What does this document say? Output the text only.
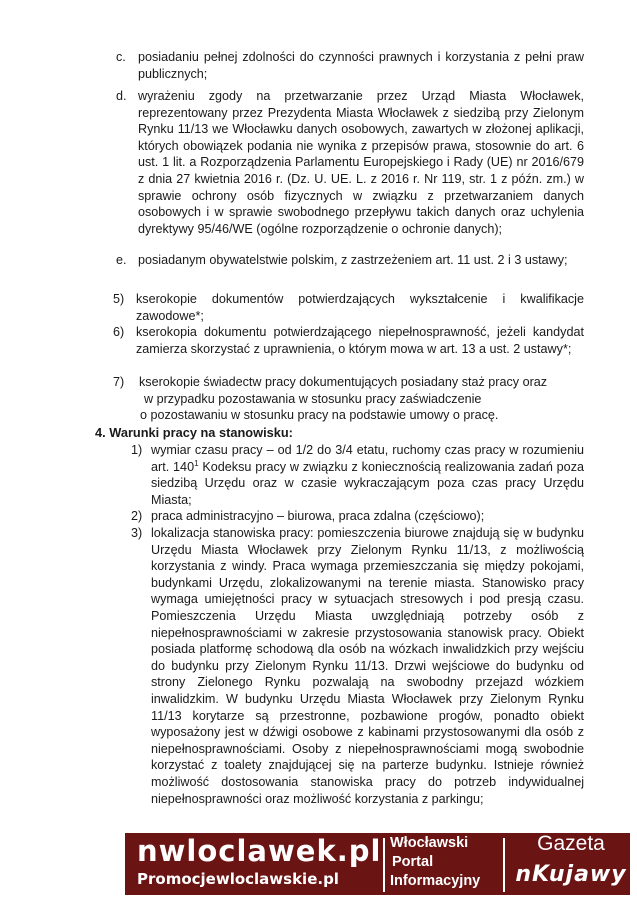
c. posiadaniu pełnej zdolności do czynności prawnych i korzystania z pełni praw publicznych;
d. wyrażeniu zgody na przetwarzanie przez Urząd Miasta Włocławek, reprezentowany przez Prezydenta Miasta Włocławek z siedzibą przy Zielonym Rynku 11/13 we Włocławku danych osobowych, zawartych w złożonej aplikacji, których obowiązek podania nie wynika z przepisów prawa, stosownie do art. 6 ust. 1 lit. a Rozporządzenia Parlamentu Europejskiego i Rady (UE) nr 2016/679 z dnia 27 kwietnia 2016 r. (Dz. U. UE. L. z 2016 r. Nr 119, str. 1 z późn. zm.) w sprawie ochrony osób fizycznych w związku z przetwarzaniem danych osobowych i w sprawie swobodnego przepływu takich danych oraz uchylenia dyrektywy 95/46/WE (ogólne rozporządzenie o ochronie danych);
e. posiadanym obywatelstwie polskim, z zastrzeżeniem art. 11 ust. 2 i 3 ustawy;
5) kserokopie dokumentów potwierdzających wykształcenie i kwalifikacje zawodowe*;
6) kserokopia dokumentu potwierdzającego niepełnosprawność, jeżeli kandydat zamierza skorzystać z uprawnienia, o którym mowa w art. 13 a ust. 2 ustawy*;
7)	kserokopie świadectw pracy dokumentujących posiadany staż pracy oraz
w przypadku pozostawania w stosunku pracy zaświadczenie
o pozostawaniu w stosunku pracy na podstawie umowy o pracę.
4. Warunki pracy na stanowisku:
1) wymiar czasu pracy – od 1/2 do 3/4 etatu, ruchomy czas pracy w rozumieniu art. $140^1$ Kodeksu pracy w związku z koniecznością realizowania zadań poza siedzibą Urzędu oraz w czasie wykraczającym poza czas pracy Urzędu Miasta;
2) praca administracyjno – biurowa, praca zdalna (częściowo);
3) lokalizacja stanowiska pracy: pomieszczenia biurowe znajdują się w budynku Urzędu Miasta Włocławek przy Zielonym Rynku 11/13, z możliwością korzystania z windy. Praca wymaga przemieszczania się między pokojami, budynkami Urzędu, zlokalizowanymi na terenie miasta. Stanowisko pracy wymaga umiejętności pracy w sytuacjach stresowych i pod presją czasu. Pomieszczenia Urzędu Miasta uwzględniają potrzeby osób z niepełnosprawnościami w zakresie przystosowania stanowisk pracy. Obiekt posiada platformę schodową dla osób na wózkach inwalidzkich przy wejściu do budynku przy Zielonym Rynku 11/13. Drzwi wejściowe do budynku od strony Zielonego Rynku pozwalają na swobodny przejazd wózkiem inwalidzkim. W budynku Urzędu Miasta Włocławek przy Zielonym Rynku 11/13 korytarze są przestronne, pozbawione progów, ponadto obiekt wyposażony jest w dźwigi osobowe z kabinami przystosowanymi dla osób z niepełnosprawnościami. Osoby z niepełnosprawnościami mogą swobodnie korzystać z toalety znajdującej się na parterze budynku. Istnieje również możliwość dostosowania stanowiska pracy do potrzeb indywidualnej niepełnosprawności oraz możliwość korzystania z parkingu;
nwloclawek.pl
Promocjewloclawskie.pl
Włocławski
Portal
Informacyjny
Gazeta
nKujawy
